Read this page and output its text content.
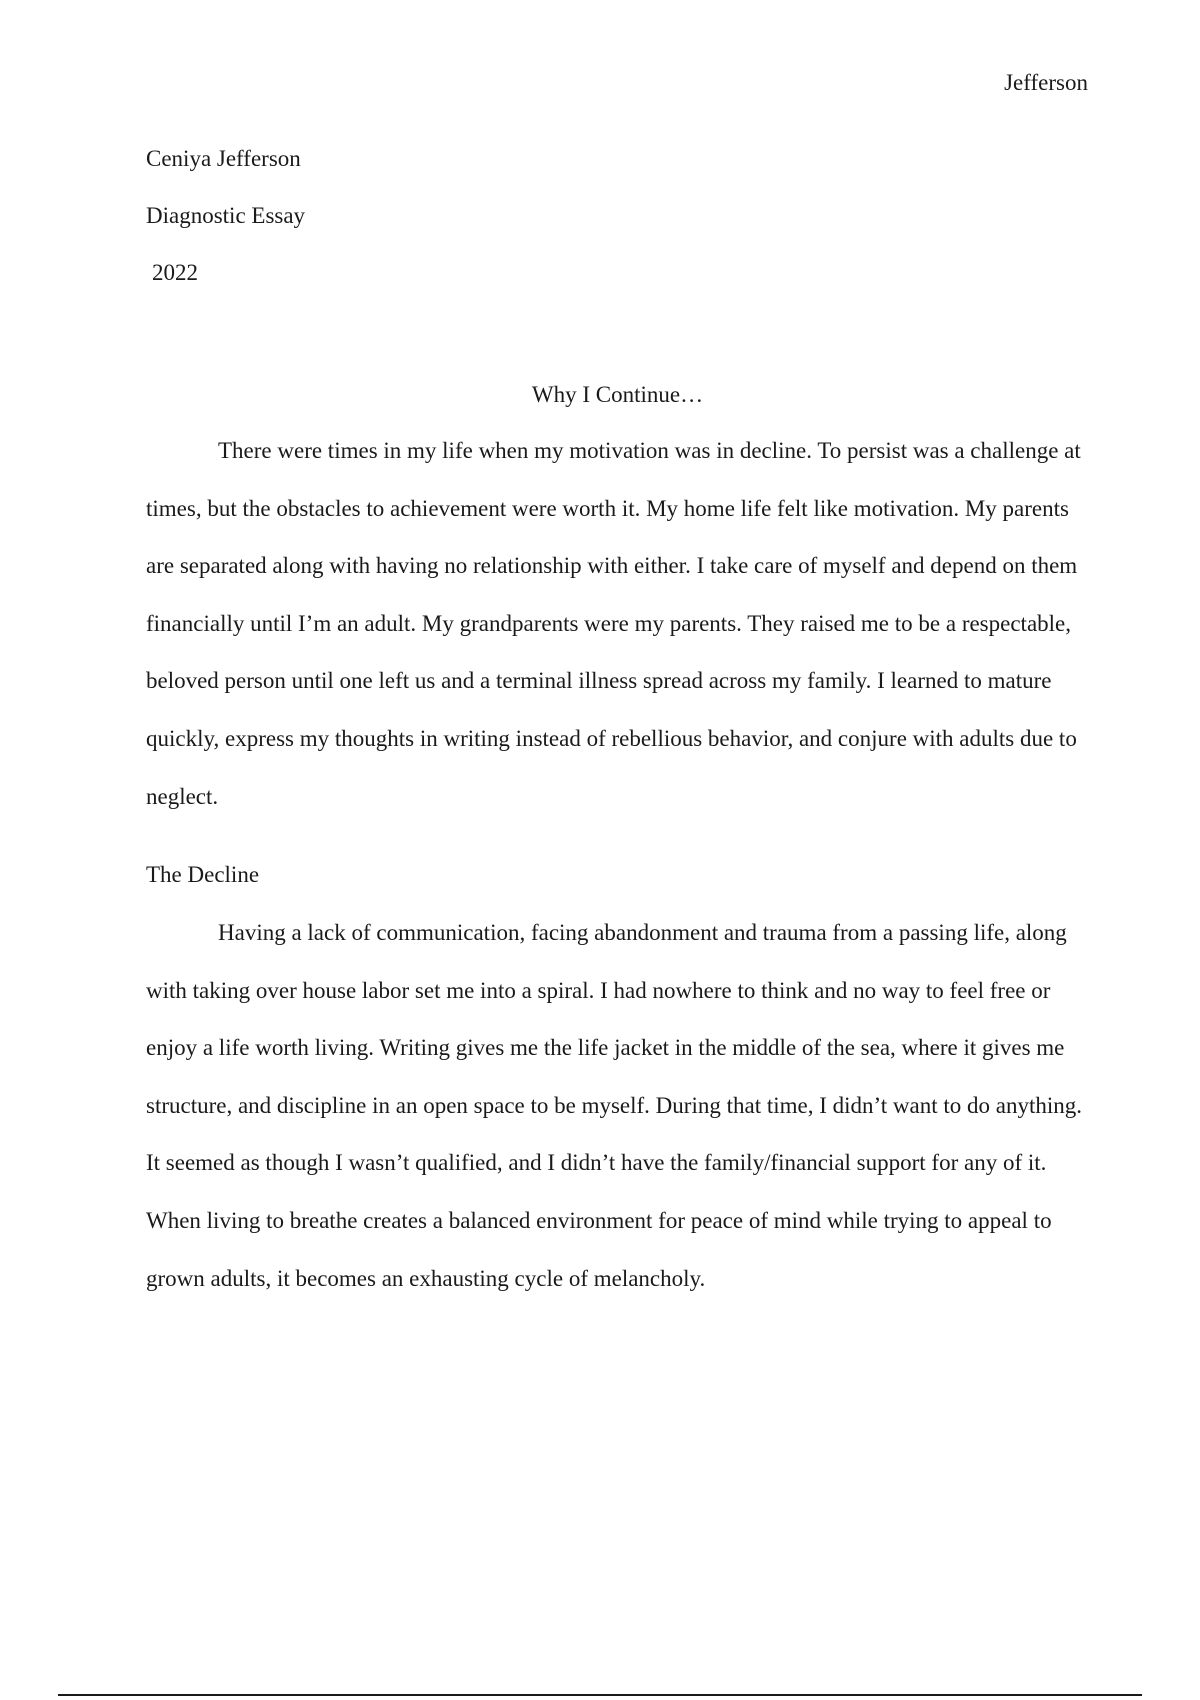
Jefferson
Ceniya Jefferson
Diagnostic Essay
2022
Why I Continue…

There were times in my life when my motivation was in decline. To persist was a challenge at times, but the obstacles to achievement were worth it. My home life felt like motivation. My parents are separated along with having no relationship with either. I take care of myself and depend on them financially until I’m an adult. My grandparents were my parents. They raised me to be a respectable, beloved person until one left us and a terminal illness spread across my family. I learned to mature quickly, express my thoughts in writing instead of rebellious behavior, and conjure with adults due to neglect.

The Decline

Having a lack of communication, facing abandonment and trauma from a passing life, along with taking over house labor set me into a spiral. I had nowhere to think and no way to feel free or enjoy a life worth living. Writing gives me the life jacket in the middle of the sea, where it gives me structure, and discipline in an open space to be myself. During that time, I didn’t want to do anything. It seemed as though I wasn’t qualified, and I didn’t have the family/financial support for any of it. When living to breathe creates a balanced environment for peace of mind while trying to appeal to grown adults, it becomes an exhausting cycle of melancholy.
